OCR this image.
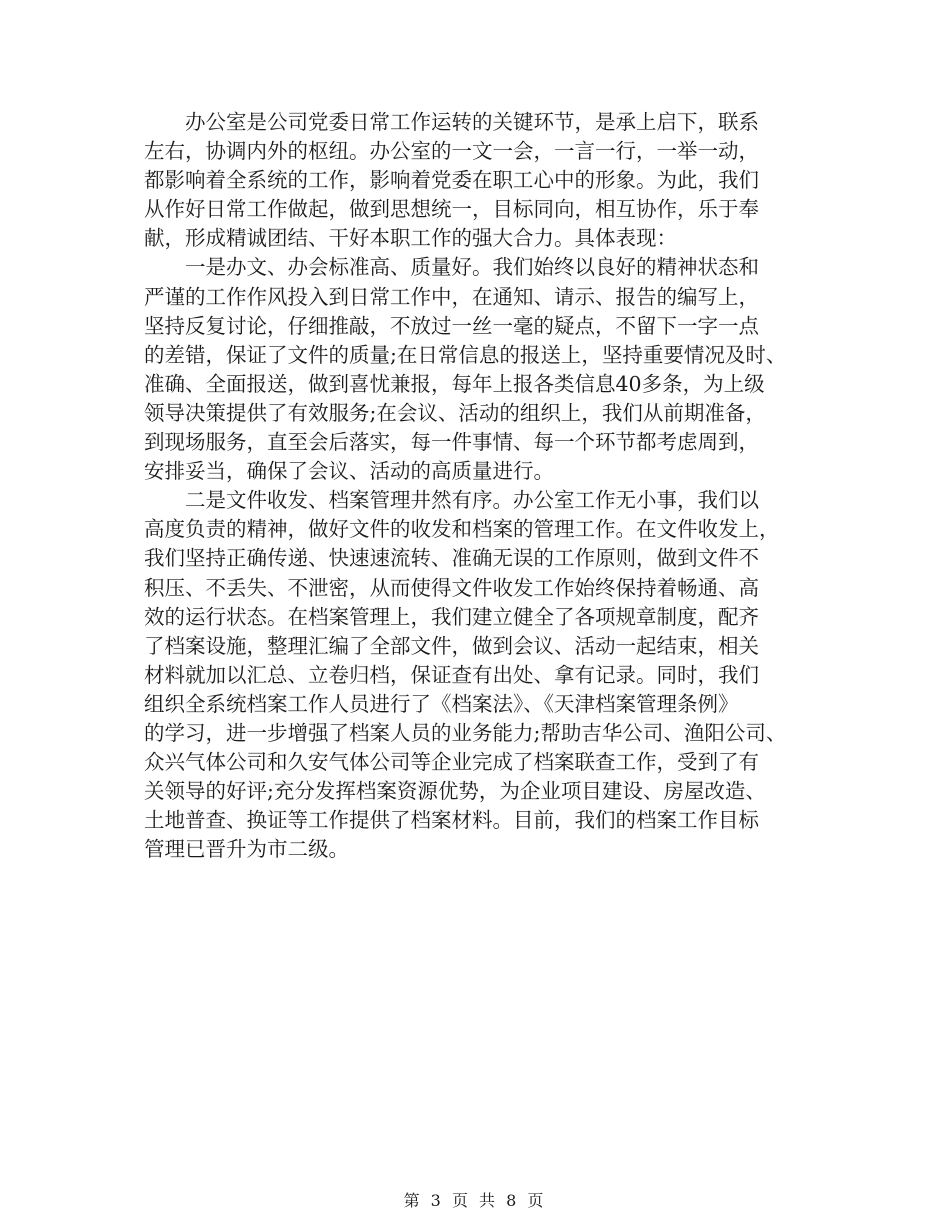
　　办公室是公司党委日常工作运转的关键环节，是承上启下，联系

左右，协调内外的枢纽。办公室的一文一会，一言一行，一举一动，

都影响着全系统的工作，影响着党委在职工心中的形象。为此，我们

从作好日常工作做起，做到思想统一，目标同向，相互协作，乐于奉

献，形成精诚团结、干好本职工作的强大合力。具体表现：

　　一是办文、办会标准高、质量好。我们始终以良好的精神状态和

严谨的工作作风投入到日常工作中，在通知、请示、报告的编写上，

坚持反复讨论，仔细推敲，不放过一丝一毫的疑点，不留下一字一点

的差错，保证了文件的质量;在日常信息的报送上，坚持重要情况及时、

准确、全面报送，做到喜忧兼报，每年上报各类信息40多条，为上级

领导决策提供了有效服务;在会议、活动的组织上，我们从前期准备，

到现场服务，直至会后落实，每一件事情、每一个环节都考虑周到，

安排妥当，确保了会议、活动的高质量进行。

　　二是文件收发、档案管理井然有序。办公室工作无小事，我们以

高度负责的精神，做好文件的收发和档案的管理工作。在文件收发上，

我们坚持正确传递、快速速流转、准确无误的工作原则，做到文件不

积压、不丢失、不泄密，从而使得文件收发工作始终保持着畅通、高

效的运行状态。在档案管理上，我们建立健全了各项规章制度，配齐

了档案设施，整理汇编了全部文件，做到会议、活动一起结束，相关

材料就加以汇总、立卷归档，保证查有出处、拿有记录。同时，我们

组织全系统档案工作人员进行了《档案法》、《天津档案管理条例》

的学习，进一步增强了档案人员的业务能力;帮助吉华公司、渔阳公司、

众兴气体公司和久安气体公司等企业完成了档案联查工作，受到了有

关领导的好评;充分发挥档案资源优势，为企业项目建设、房屋改造、

土地普查、换证等工作提供了档案材料。目前，我们的档案工作目标

管理已晋升为市二级。

第 3 页 共 8 页
